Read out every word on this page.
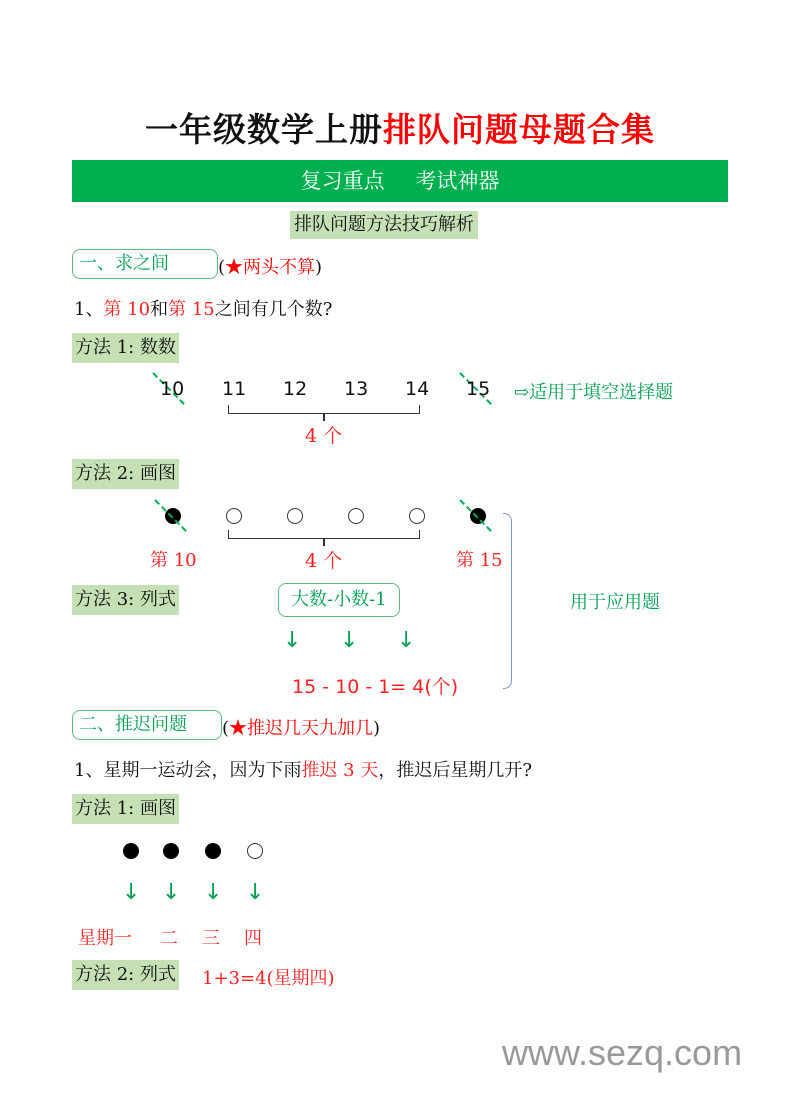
一年级数学上册排队问题母题合集
复习重点 考试神器
排队问题方法技巧解析
一、求之间	(★两头不算)
1、第 10和第 15之间有几个数?
方法 1: 数数
10 11 12 13 14 15 ⇨适用于填空选择题
4 个
方法 2: 画图
第 10	4 个	第 15
方法 3: 列式	大数-小数-1
↓ ↓ ↓
15 - 10 - 1= 4(个)
用于应用题
二、推迟问题	(★推迟几天九加几)
1、星期一运动会，因为下雨推迟 3 天，推迟后星期几开?
方法 1: 画图
↓ ↓ ↓ ↓
星期一 二 三 四
方法 2: 列式 1+3=4(星期四)
www.sezq.com
